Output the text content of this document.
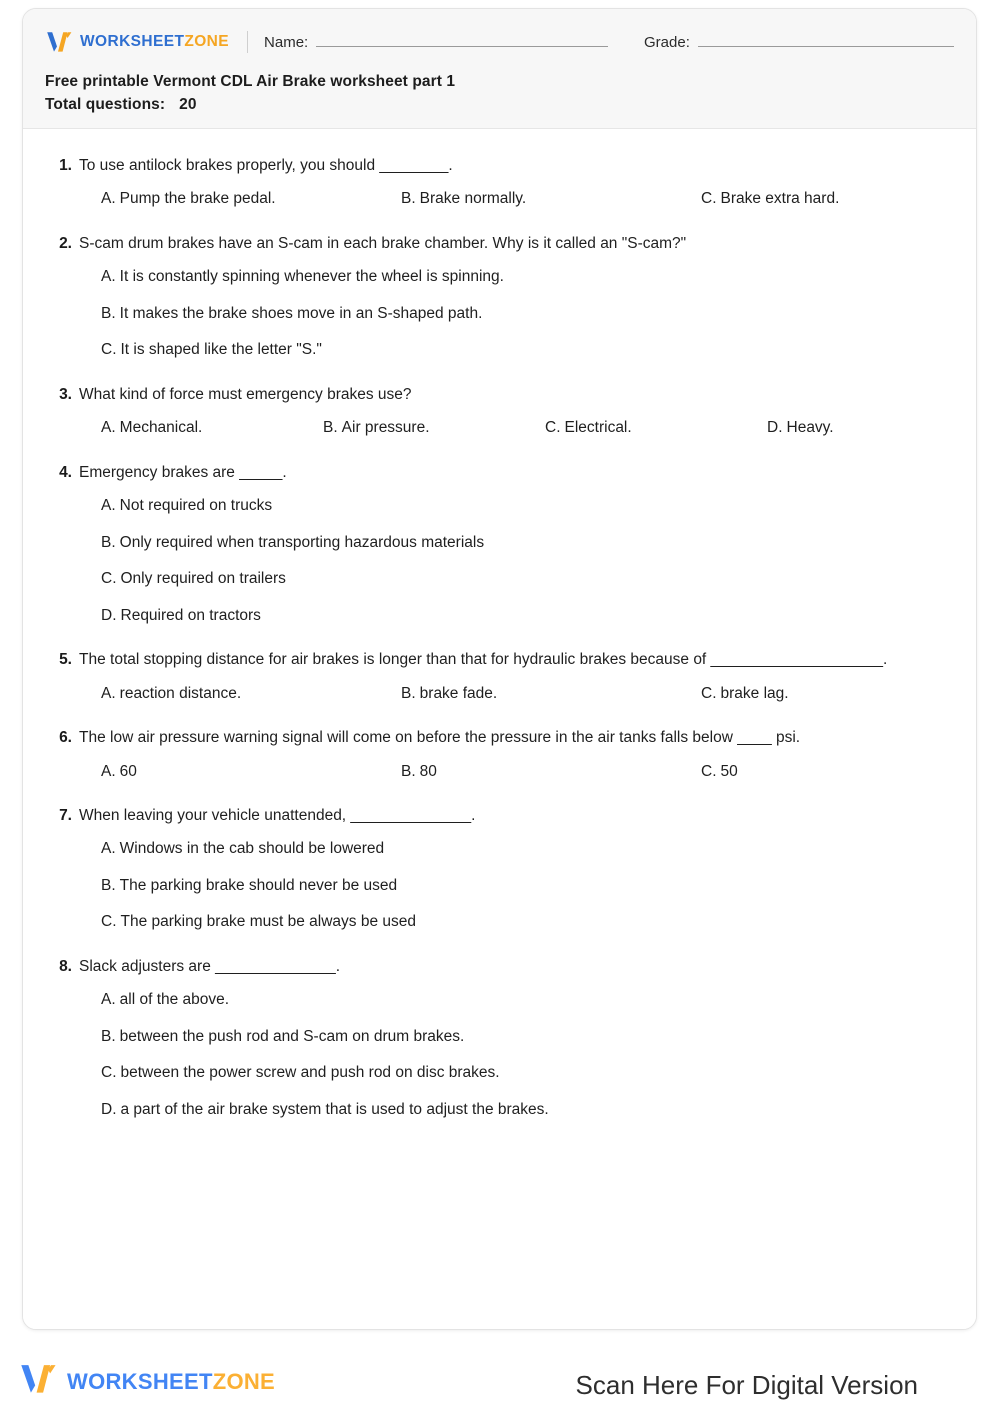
WORKSHEETZONE Name:	Grade:
Free printable Vermont CDL Air Brake worksheet part 1
Total questions: 20
1. To use antilock brakes properly, you should ________.
A. Pump the brake pedal.	B. Brake normally.	C. Brake extra hard.
2. S-cam drum brakes have an S-cam in each brake chamber. Why is it called an "S-cam?"
A. It is constantly spinning whenever the wheel is spinning.
B. It makes the brake shoes move in an S-shaped path.
C. It is shaped like the letter "S."
3. What kind of force must emergency brakes use?
A. Mechanical.	B. Air pressure.	C. Electrical.	D. Heavy.
4. Emergency brakes are _____.
A. Not required on trucks
B. Only required when transporting hazardous materials
C. Only required on trailers
D. Required on tractors
5. The total stopping distance for air brakes is longer than that for hydraulic brakes because of ____________________.
A. reaction distance.	B. brake fade.	C. brake lag.
6. The low air pressure warning signal will come on before the pressure in the air tanks falls below ____ psi.
A. 60	B. 80	C. 50
7. When leaving your vehicle unattended, ______________.
A. Windows in the cab should be lowered
B. The parking brake should never be used
C. The parking brake must be always be used
8. Slack adjusters are ______________.
A. all of the above.
B. between the push rod and S-cam on drum brakes.
C. between the power screw and push rod on disc brakes.
D. a part of the air brake system that is used to adjust the brakes.
WORKSHEETZONE	Scan Here For Digital Version
